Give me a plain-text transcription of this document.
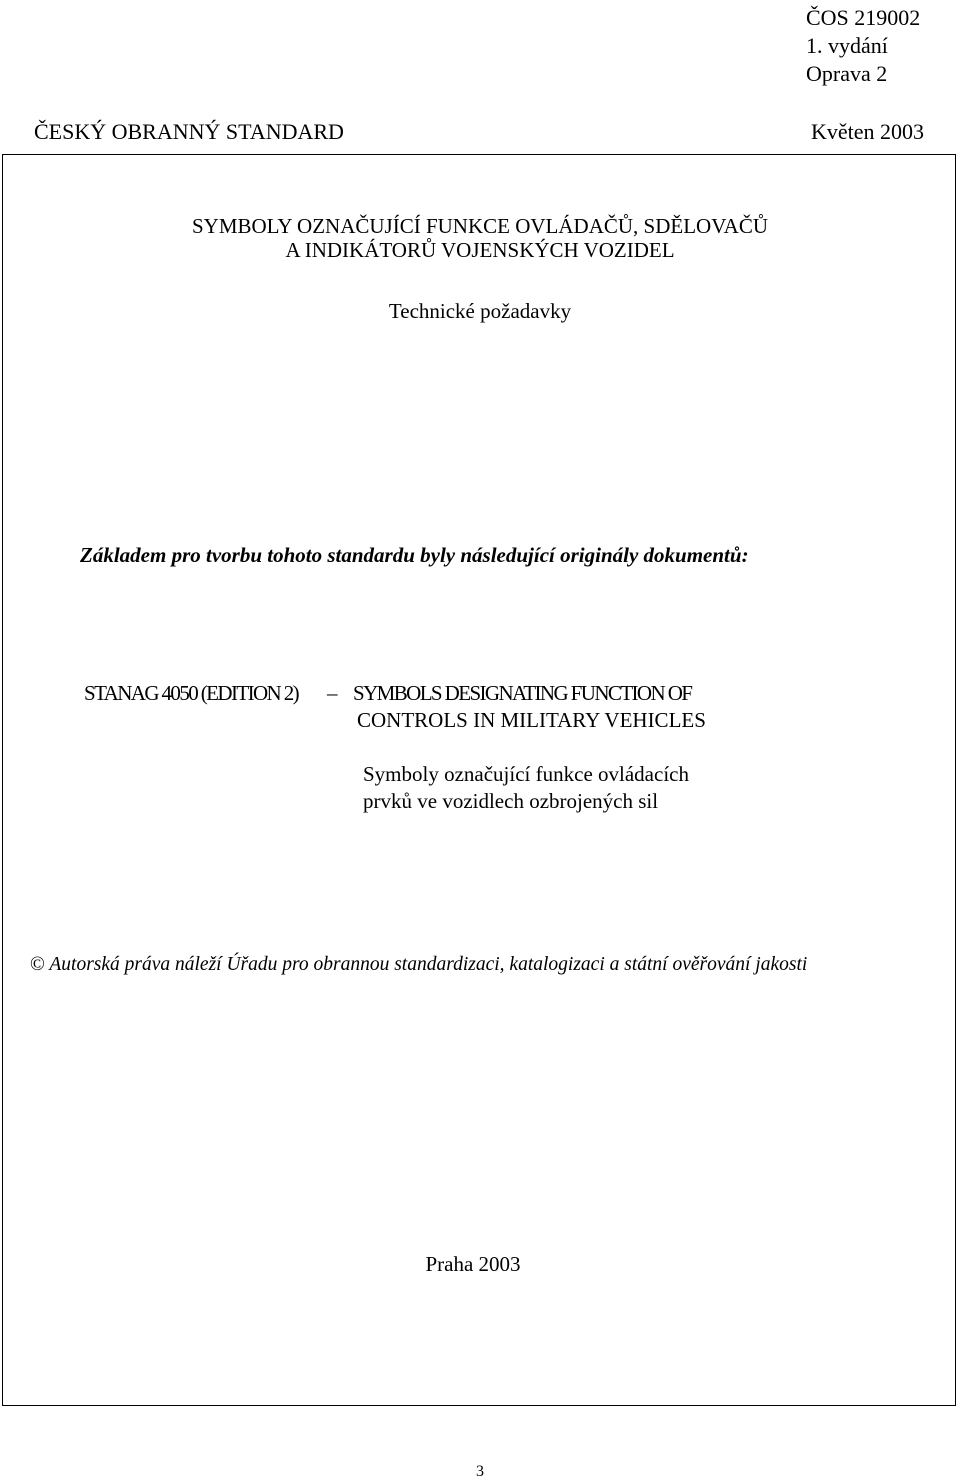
ČOS 219002
1. vydání
Oprava 2
ČESKÝ OBRANNÝ STANDARD	Květen 2003
SYMBOLY OZNAČUJÍCÍ FUNKCE OVLÁDAČŮ, SDĚLOVAČŮ
A INDIKÁTORŮ VOJENSKÝCH VOZIDEL
Technické požadavky
Základem pro tvorbu tohoto standardu byly následující originály dokumentů:
STANAG 4050 (EDITION 2) – SYMBOLS DESIGNATING FUNCTION OF
CONTROLS IN MILITARY VEHICLES
Symboly označující funkce ovládacích
prvků ve vozidlech ozbrojených sil
© Autorská práva náleží Úřadu pro obrannou standardizaci, katalogizaci a státní ověřování jakosti
Praha 2003
3
